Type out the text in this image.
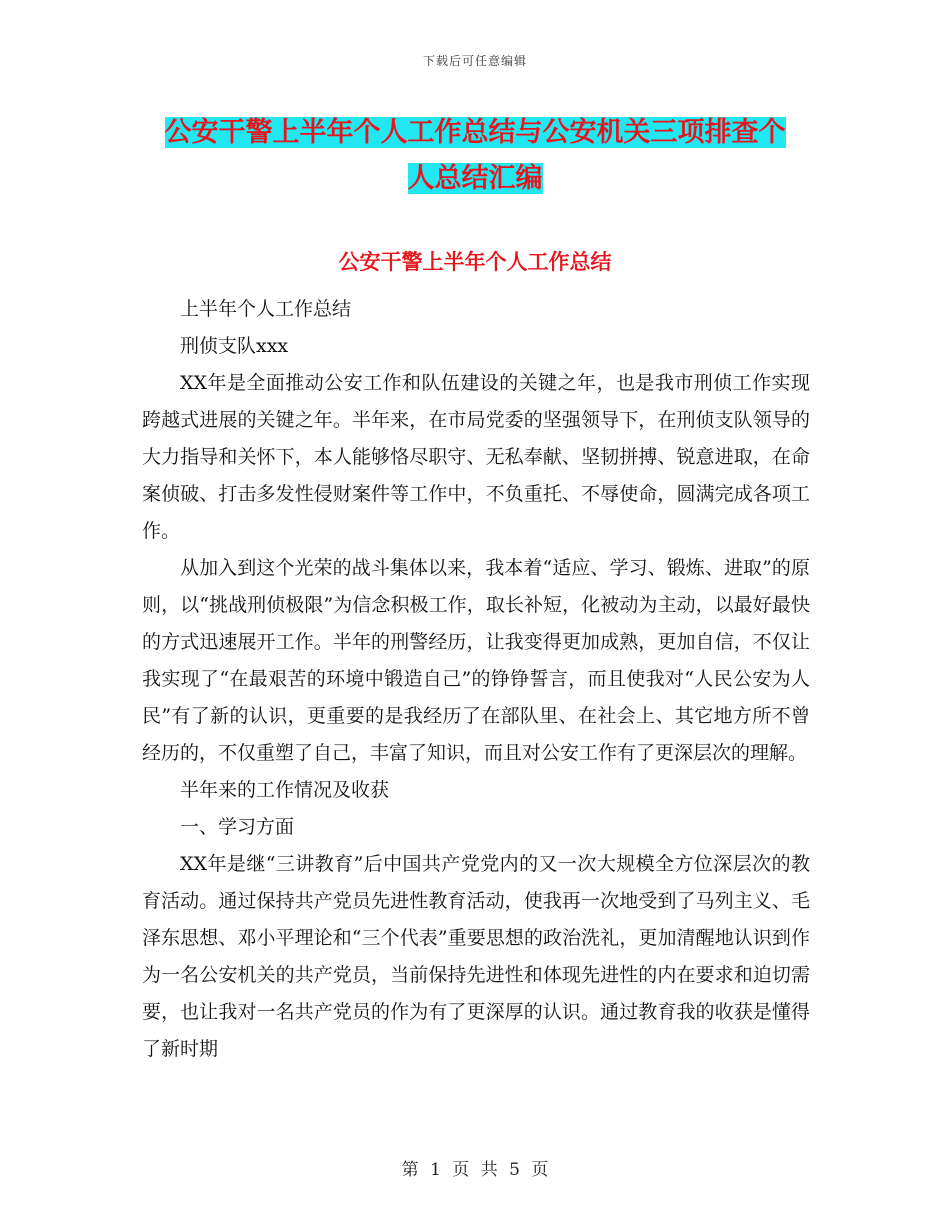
下载后可任意编辑
公安干警上半年个人工作总结与公安机关三项排查个
人总结汇编
公安干警上半年个人工作总结

上半年个人工作总结

刑侦支队xxx

XX年是全面推动公安工作和队伍建设的关键之年，也是我市刑侦工作实现跨越式进展的关键之年。半年来，在市局党委的坚强领导下，在刑侦支队领导的大力指导和关怀下，本人能够恪尽职守、无私奉献、坚韧拼搏、锐意进取，在命案侦破、打击多发性侵财案件等工作中，不负重托、不辱使命，圆满完成各项工作。

从加入到这个光荣的战斗集体以来，我本着“适应、学习、锻炼、进取”的原则，以“挑战刑侦极限”为信念积极工作，取长补短，化被动为主动，以最好最快的方式迅速展开工作。半年的刑警经历，让我变得更加成熟，更加自信，不仅让我实现了“在最艰苦的环境中锻造自己”的铮铮誓言，而且使我对“人民公安为人民”有了新的认识，更重要的是我经历了在部队里、在社会上、其它地方所不曾经历的，不仅重塑了自己，丰富了知识，而且对公安工作有了更深层次的理解。

半年来的工作情况及收获

一、学习方面

XX年是继“三讲教育”后中国共产党党内的又一次大规模全方位深层次的教育活动。通过保持共产党员先进性教育活动，使我再一次地受到了马列主义、毛泽东思想、邓小平理论和“三个代表”重要思想的政治洗礼，更加清醒地认识到作为一名公安机关的共产党员，当前保持先进性和体现先进性的内在要求和迫切需要，也让我对一名共产党员的作为有了更深厚的认识。通过教育我的收获是懂得了新时期

第 1 页 共 5 页
